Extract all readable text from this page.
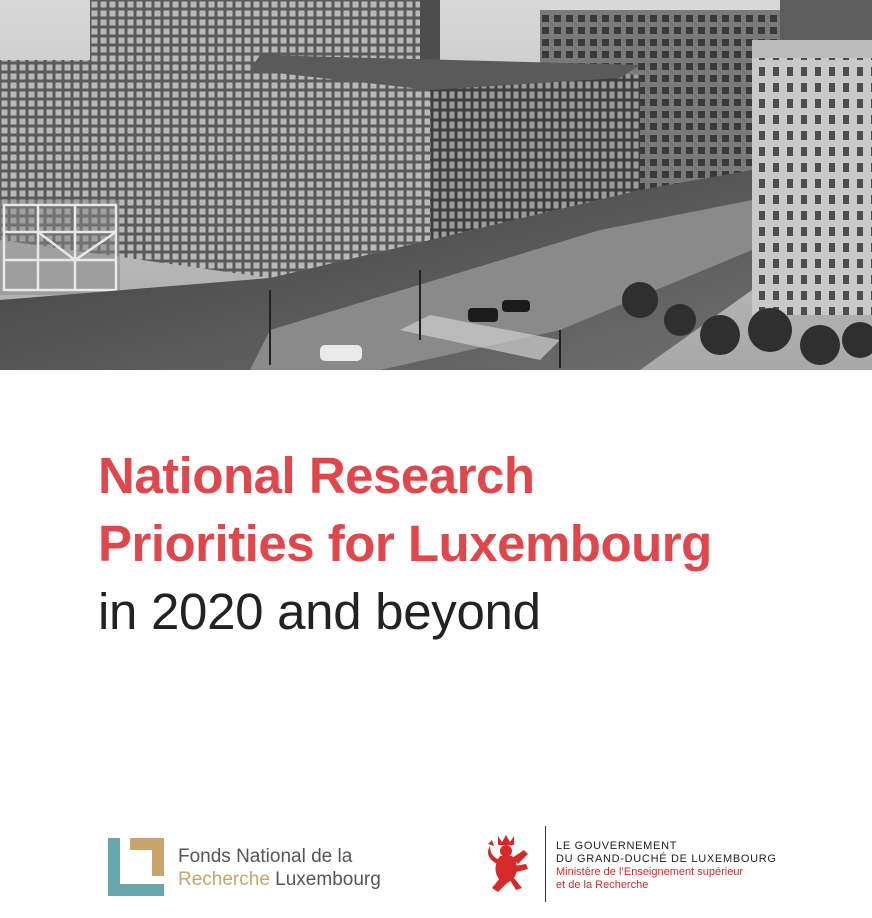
National Research
Priorities for Luxembourg
in 2020 and beyond
Fonds National de la
Recherche Luxembourg
LE GOUVERNEMENT
DU GRAND-DUCHÉ DE LUXEMBOURG
Ministère de l’Enseignement supérieur
et de la Recherche
